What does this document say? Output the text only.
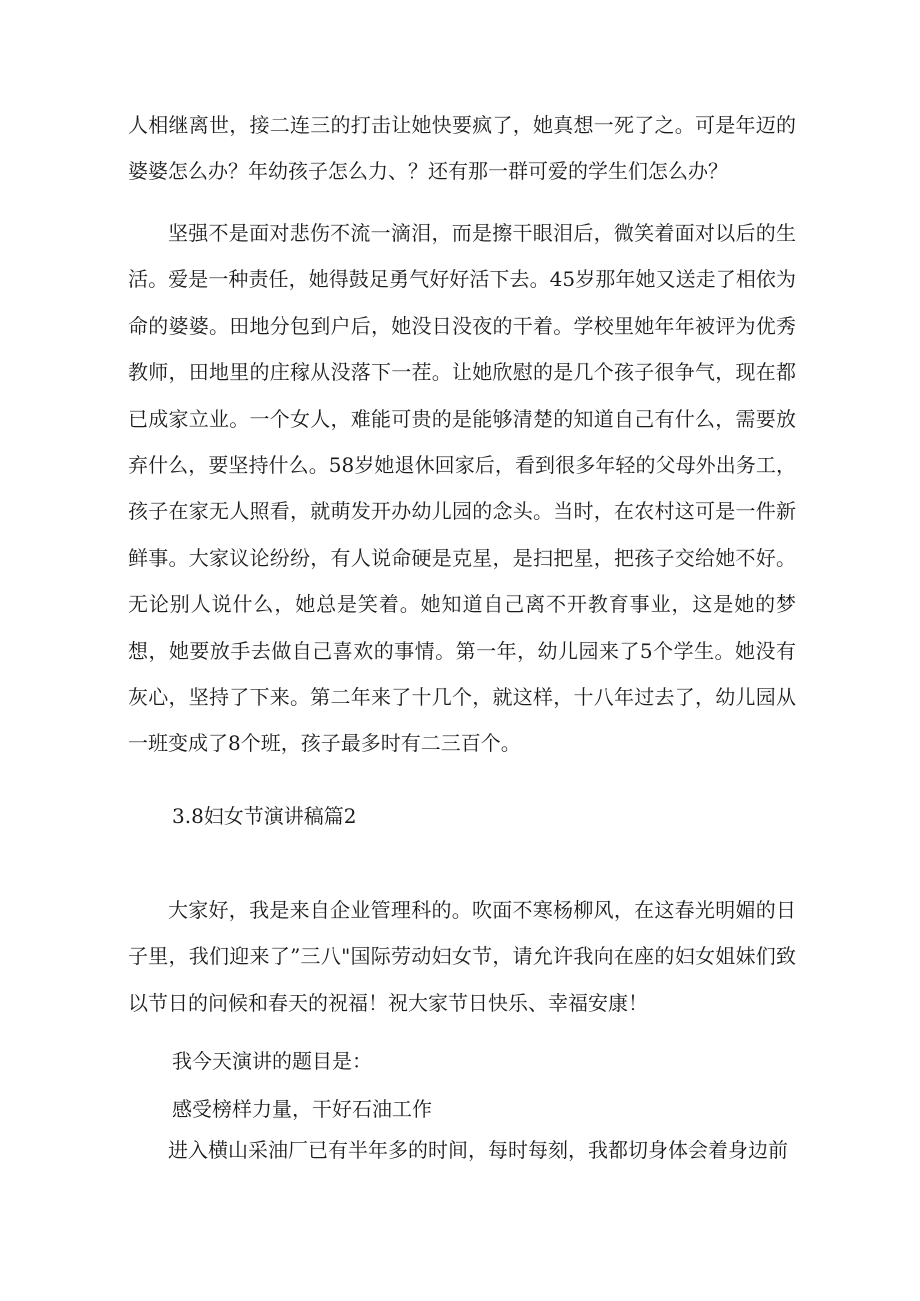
人相继离世，接二连三的打击让她快要疯了，她真想一死了之。可是年迈的婆婆怎么办？年幼孩子怎么力、？还有那一群可爱的学生们怎么办？

坚强不是面对悲伤不流一滴泪，而是擦干眼泪后，微笑着面对以后的生活。爱是一种责任，她得鼓足勇气好好活下去。45岁那年她又送走了相依为命的婆婆。田地分包到户后，她没日没夜的干着。学校里她年年被评为优秀教师，田地里的庄稼从没落下一茬。让她欣慰的是几个孩子很争气，现在都已成家立业。一个女人，难能可贵的是能够清楚的知道自己有什么，需要放弃什么，要坚持什么。58岁她退休回家后，看到很多年轻的父母外出务工，孩子在家无人照看，就萌发开办幼儿园的念头。当时，在农村这可是一件新鲜事。大家议论纷纷，有人说命硬是克星，是扫把星，把孩子交给她不好。无论别人说什么，她总是笑着。她知道自己离不开教育事业，这是她的梦想，她要放手去做自己喜欢的事情。第一年，幼儿园来了5个学生。她没有灰心，坚持了下来。第二年来了十几个，就这样，十八年过去了，幼儿园从一班变成了8个班，孩子最多时有二三百个。

3.8妇女节演讲稿篇2

大家好，我是来自企业管理科的。吹面不寒杨柳风，在这春光明媚的日子里，我们迎来了”三八"国际劳动妇女节，请允许我向在座的妇女姐妹们致以节日的问候和春天的祝福！祝大家节日快乐、幸福安康！

我今天演讲的题目是：

感受榜样力量，干好石油工作

进入横山采油厂已有半年多的时间，每时每刻，我都切身体会着身边前
